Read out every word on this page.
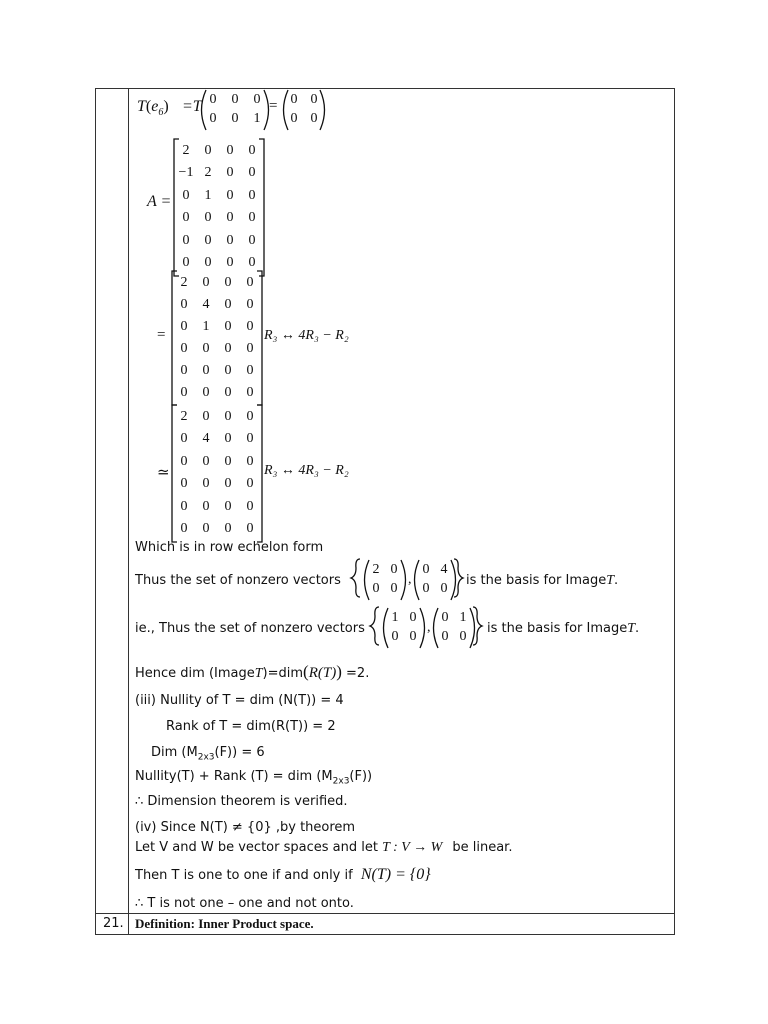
$T(e_6) =T$ 0	0	0
0	0	1
= 0 0
0 0
A =
2	0	0	0
−1 2	0	0
0	1	0	0
0	0	0	0
0	0	0	0
0	0	0	0
=
2	0	0	0
0	4	0	0
0	1	0	0
0	0	0	0
0	0	0	0
0	0	0	0
R₃ ↔ 4R₃ − R₂
≃
2	0	0	0
0	4	0	0
0	0	0	0
0	0	0	0
0	0	0	0
0	0	0	0
R₃ ↔ 4R₃ − R₂
Which is in row echelon form
Thus the set of nonzero vectors
2 0
0 0
,
0 4
0 0
is the basis for ImageT.
ie., Thus the set of nonzero vectors
1 0
0 0
,
0 1
0 0
is the basis for ImageT.
Hence dim (ImageT)=dim(R(T)) =2.
(iii) Nullity of T = dim (N(T)) = 4
Rank of T = dim(R(T)) = 2
Dim $(M_{2x3}(F)) = 6$
Nullity(T) + Rank (T) = dim $(M_{2x3}(F))$
∴ Dimension theorem is verified.
(iv) Since N(T) ≠ {0} ,by theorem
Let V and W be vector spaces and let T : V → W be linear.
Then T is one to one if and only if N(T) = {0}
∴ T is not one – one and not onto.
21. Definition: Inner Product space.
